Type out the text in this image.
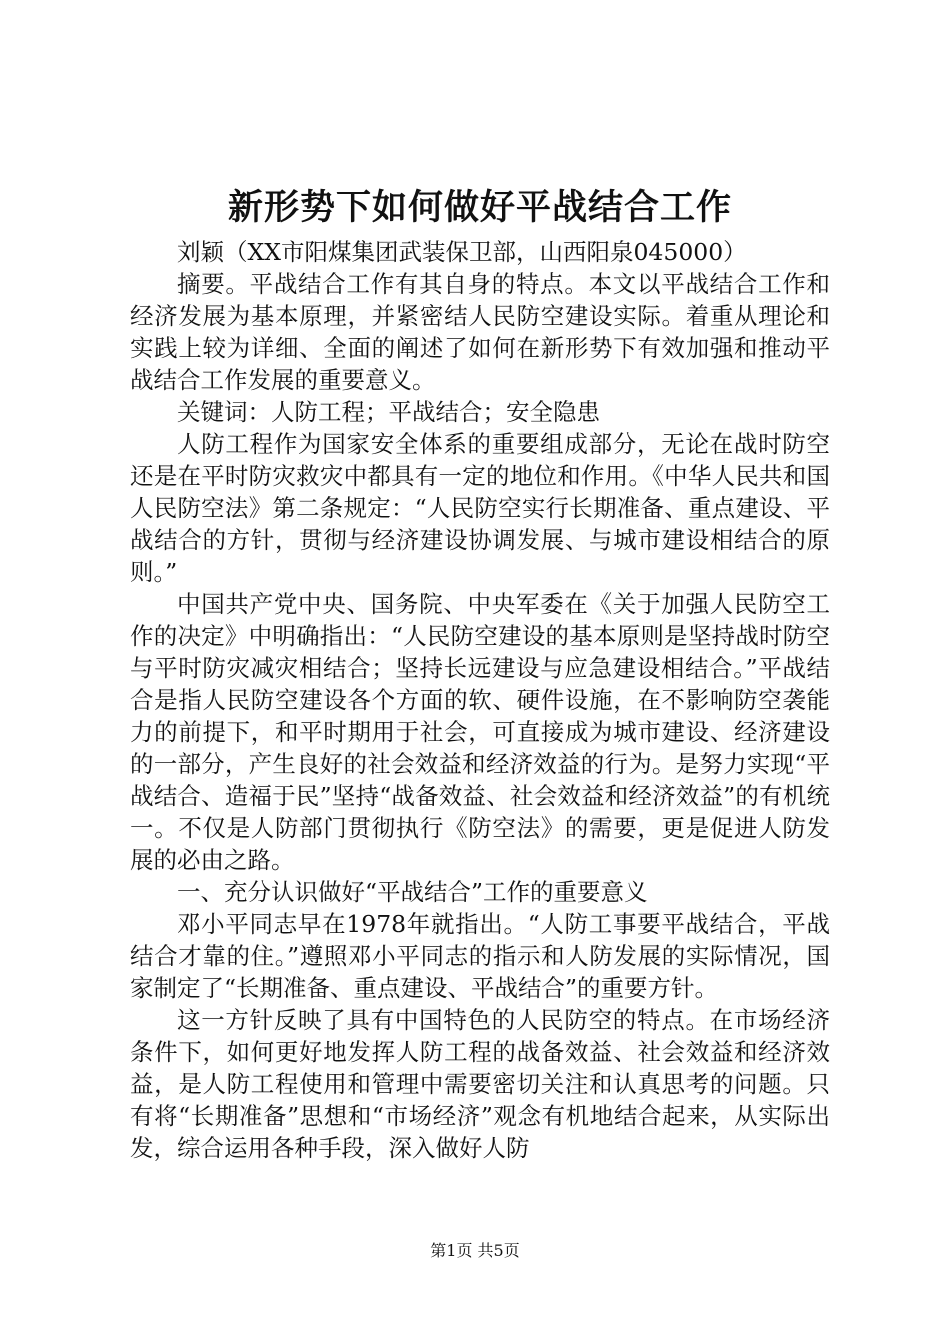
新形势下如何做好平战结合工作

刘颖（XX市阳煤集团武装保卫部，山西阳泉045000）

摘要。平战结合工作有其自身的特点。本文以平战结合工作和经济发展为基本原理，并紧密结人民防空建设实际。着重从理论和实践上较为详细、全面的阐述了如何在新形势下有效加强和推动平战结合工作发展的重要意义。

关键词：人防工程；平战结合；安全隐患

人防工程作为国家安全体系的重要组成部分，无论在战时防空还是在平时防灾救灾中都具有一定的地位和作用。《中华人民共和国人民防空法》第二条规定：“人民防空实行长期准备、重点建设、平战结合的方针，贯彻与经济建设协调发展、与城市建设相结合的原则。”

中国共产党中央、国务院、中央军委在《关于加强人民防空工作的决定》中明确指出：“人民防空建设的基本原则是坚持战时防空与平时防灾减灾相结合；坚持长远建设与应急建设相结合。”平战结合是指人民防空建设各个方面的软、硬件设施，在不影响防空袭能力的前提下，和平时期用于社会，可直接成为城市建设、经济建设的一部分，产生良好的社会效益和经济效益的行为。是努力实现“平战结合、造福于民”坚持“战备效益、社会效益和经济效益”的有机统一。不仅是人防部门贯彻执行《防空法》的需要，更是促进人防发展的必由之路。

一、充分认识做好“平战结合”工作的重要意义

邓小平同志早在1978年就指出。“人防工事要平战结合，平战结合才靠的住。”遵照邓小平同志的指示和人防发展的实际情况，国家制定了“长期准备、重点建设、平战结合”的重要方针。

这一方针反映了具有中国特色的人民防空的特点。在市场经济条件下，如何更好地发挥人防工程的战备效益、社会效益和经济效益，是人防工程使用和管理中需要密切关注和认真思考的问题。只有将“长期准备”思想和“市场经济”观念有机地结合起来，从实际出发，综合运用各种手段，深入做好人防

第1页 共5页
